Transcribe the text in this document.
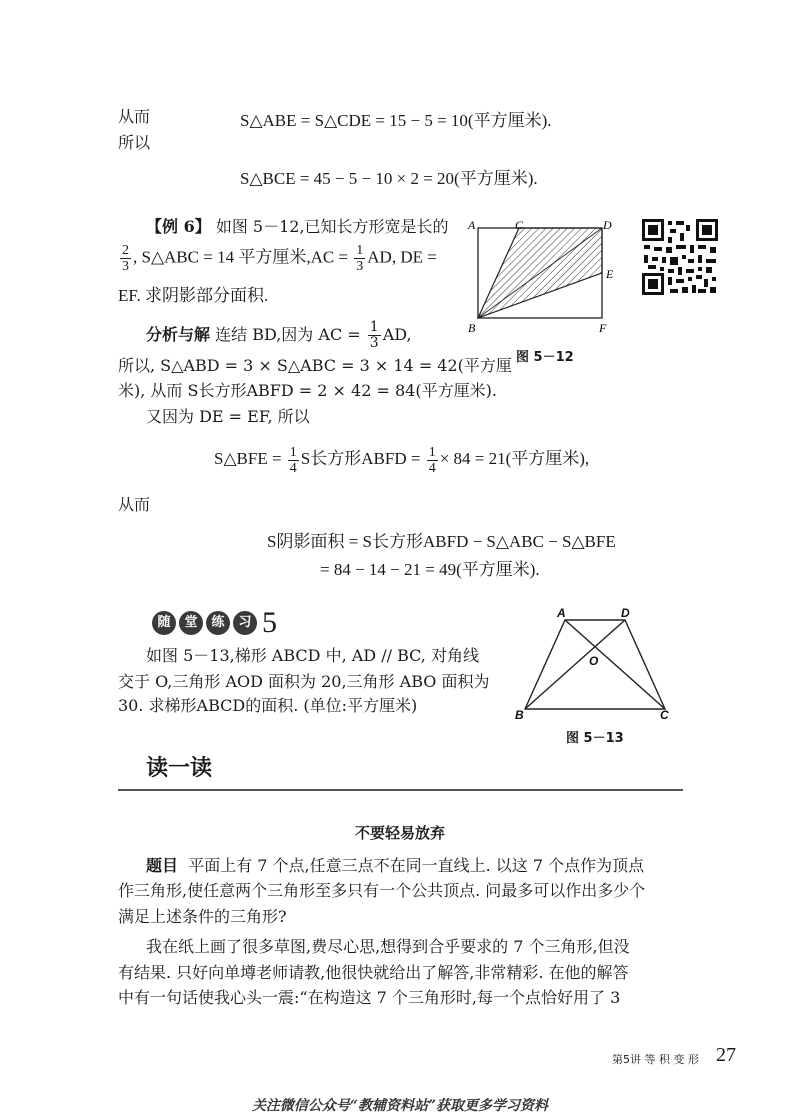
从而	S△ABE = S△CDE = 15 − 5 = 10(平方厘米).
所以
S△BCE = 45 − 5 − 10 × 2 = 20(平方厘米).
【例 6】 如图 5－12,已知长方形宽是长的
$\frac{2}{3}$ , S△ABC = 14 平方厘米$,AC = \frac{1}{3}$ AD, DE =
EF. 求阴影部分面积.
分析与解 连结 BD,因为 AC = $\frac{1}{3}$ AD,
所以, S△ABD = 3 × S△ABC = 3 × 14 = 42(平方厘
米), 从而 S长方形ABFD = 2 × 42 = 84(平方厘米).
又因为 DE = EF, 所以
S△BFE = $\frac{1}{4}$ S长方形ABFD = $\frac{1}{4} \times 84 = 21$(平方厘米),
从而
S阴影面积 = S长方形ABFD − S△ABC − S△BFE
= 84 − 14 − 21 = 49(平方厘米).
A	C	D
E
B	F
图 5－12
随 堂 练 习 5
如图 5－13,梯形 ABCD 中, AD // BC, 对角线
交于 O,三角形 AOD 面积为 20,三角形 ABO 面积为
30. 求梯形ABCD的面积. (单位:平方厘米)
A	D
O
B	C
图 5－13
读一读
不要轻易放弃
题目 平面上有 7 个点,任意三点不在同一直线上. 以这 7 个点作为顶点
作三角形,使任意两个三角形至多只有一个公共顶点. 问最多可以作出多少个
满足上述条件的三角形?
我在纸上画了很多草图,费尽心思,想得到合乎要求的 7 个三角形,但没
有结果. 只好向单墫老师请教,他很快就给出了解答,非常精彩. 在他的解答
中有一句话使我心头一震:“在构造这 7 个三角形时,每一个点恰好用了 3
第5讲 等 积 变 形 27
关注微信公众号“教辅资料站”获取更多学习资料
